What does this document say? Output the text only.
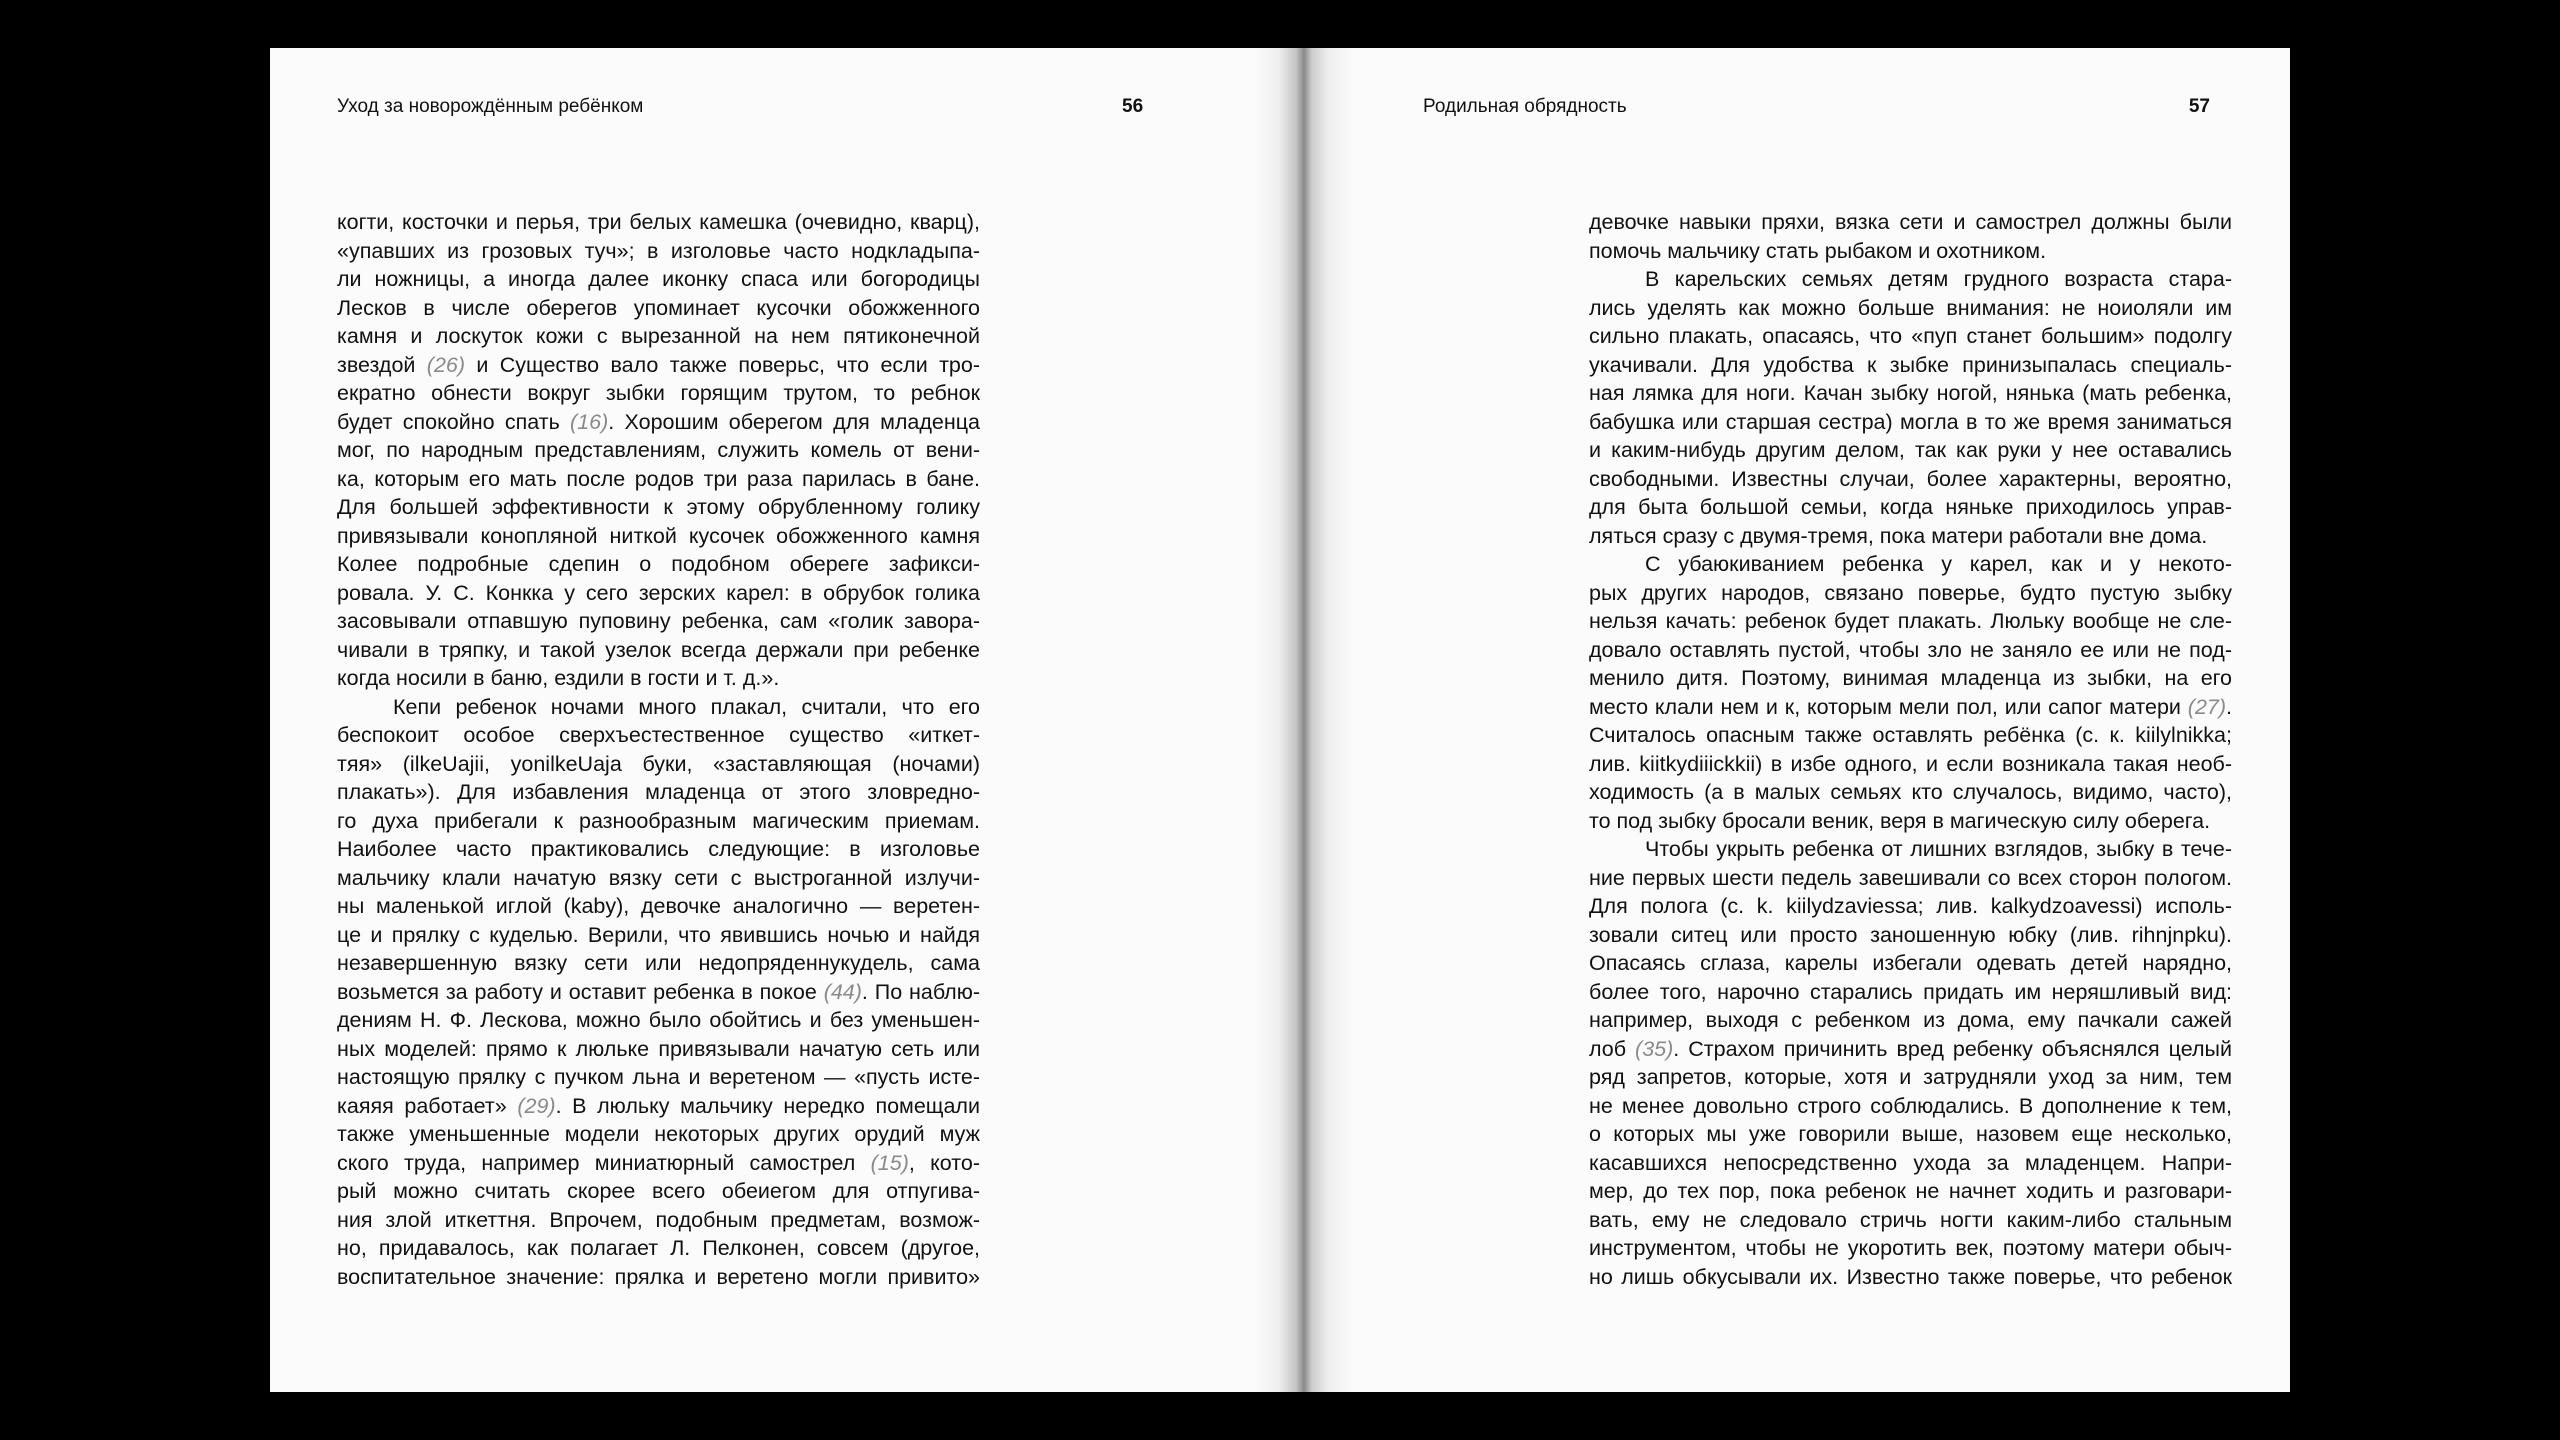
Уход за новорождённым ребёнком	56
когти, косточки и перья, три белых камешка (очевидно, кварц),
«упавших из грозовых туч»; в изголовье часто нодкладыпа-
ли ножницы, а иногда далее иконку спаса или богородицы
Лесков в числе оберегов упоминает кусочки обожженного
камня и лоскуток кожи с вырезанной на нем пятиконечной
звездой (26) и Существо вало также поверьс, что если тро-
екратно обнести вокруг зыбки горящим трутом, то ребнок
будет спокойно спать (16). Хорошим оберегом для младенца
мог, по народным представлениям, служить комель от вени-
ка, которым его мать после родов три раза парилась в бане.
Для большей эффективности к этому обрубленному голику
привязывали конопляной ниткой кусочек обожженного камня
Колее подробные сдепин о подобном обереге зафикси-
ровала. У. С. Конкка у сего зерских карел: в обрубок голика
засовывали отпавшую пуповину ребенка, сам «голик завора-
чивали в тряпку, и такой узелок всегда держали при ребенке
когда носили в баню, ездили в гости и т. д.».
Кепи ребенок ночами много плакал, считали, что его
беспокоит особое сверхъестественное существо «иткет-
тяя» (ilkeUajii, yonilkeUaja буки, «заставляющая (ночами)
плакать»). Для избавления младенца от этого зловреднo-
го духа прибегали к разнообразным магическим приемам.
Наиболее часто практиковались следующие: в изголовье
мальчику клали начатую вязку сети с выстроганной излучи-
ны маленькой иглой (kaby), девочке аналогично — веретен-
це и прялку с куделью. Верили, что явившись ночью и найдя
незавершенную вязку сети или недопряденнукудель, сама
возьмется за работу и оставит ребенка в покое (44). По наблю-
дениям Н. Ф. Лескова, можно было обойтись и без уменьшен-
ных моделей: прямо к люльке привязывали начатую сеть или
настоящую прялку с пучком льна и веретеном — «пусть исте-
каяяя работает» (29). В люльку мальчику нередко помещали
также уменьшенные модели некоторых других орудий муж
ского труда, например миниатюрный самострел (15), кото-
рый можно считать скорее всего обеиегом для отпугива-
ния злой иткеттня. Впрочем, подобным предметам, возмож-
но, придавалось, как полагает Л. Пелконен, совсем (другое,
воспитательное значение: прялка и веретено могли привито»
Родильная обрядность	57
девочке навыки пряхи, вязка сети и самострел должны были
помочь мальчику стать рыбаком и охотником.
В карельских семьях детям грудного возраста стара-
лись уделять как можно больше внимания: не ноиоляли им
сильно плакать, опасаясь, что «пуп станет большим» подолгу
укачивали. Для удобства к зыбке принизыпалась специаль-
ная лямка для ноги. Качан зыбку ногой, нянька (мать ребенка,
бабушка или старшая сестра) могла в то же время заниматься
и каким-нибудь другим делом, так как руки у нее оставались
свободными. Известны случаи, более характерны, вероятно,
для быта большой семьи, когда няньке приходилось управ-
ляться сразу с двумя-тремя, пока матери работали вне дома.
С убаюкиванием ребенка у карел, как и у некото-
рых других народов, связано поверье, будто пустую зыбку
нельзя качать: ребенок будет плакать. Люльку вообще не сле-
довало оставлять пустой, чтобы зло не заняло ее или не под-
менило дитя. Поэтому, винимая младенца из зыбки, на его
место клали нем и к, которым мели пол, или сапог матери (27).
Считалось опасным также оставлять ребёнка (с. к. kiilylnikka;
лив. kiitkydiiickkii) в избе одного, и если возникала такая необ-
ходимость (а в малых семьях кто случалось, видимо, часто),
то под зыбку бросали веник, веря в магическую силу оберега.
Чтобы укрыть ребенка от лишних взглядов, зыбку в тече-
ние первых шести педель завешивали со всех сторон пологом.
Для полога (с. k. kiilydzaviessa; лив. kalkydzoavessi) исполь-
зовали ситец или просто заношенную юбку (лив. rihnjnpku).
Опасаясь сглаза, карелы избегали одевать детей нарядно,
более того, нарочно старались придать им неряшливый вид:
например, выходя с ребенком из дома, ему пачкали сажей
лоб (35). Страхом причинить вред ребенку объяснялся целый
ряд запретов, которые, хотя и затрудняли уход за ним, тем
не менее довольно строго соблюдались. В дополнение к тем,
о которых мы уже говорили выше, назовем еще несколько,
касавшихся непосредственно ухода за младенцем. Напри-
мер, до тех пор, пока ребенок не начнет ходить и разговари-
вать, ему не следовало стричь ногти каким-либо стальным
инструментом, чтобы не укоротить век, поэтому матери обыч-
но лишь обкусывали их. Известно также поверье, что ребенок
